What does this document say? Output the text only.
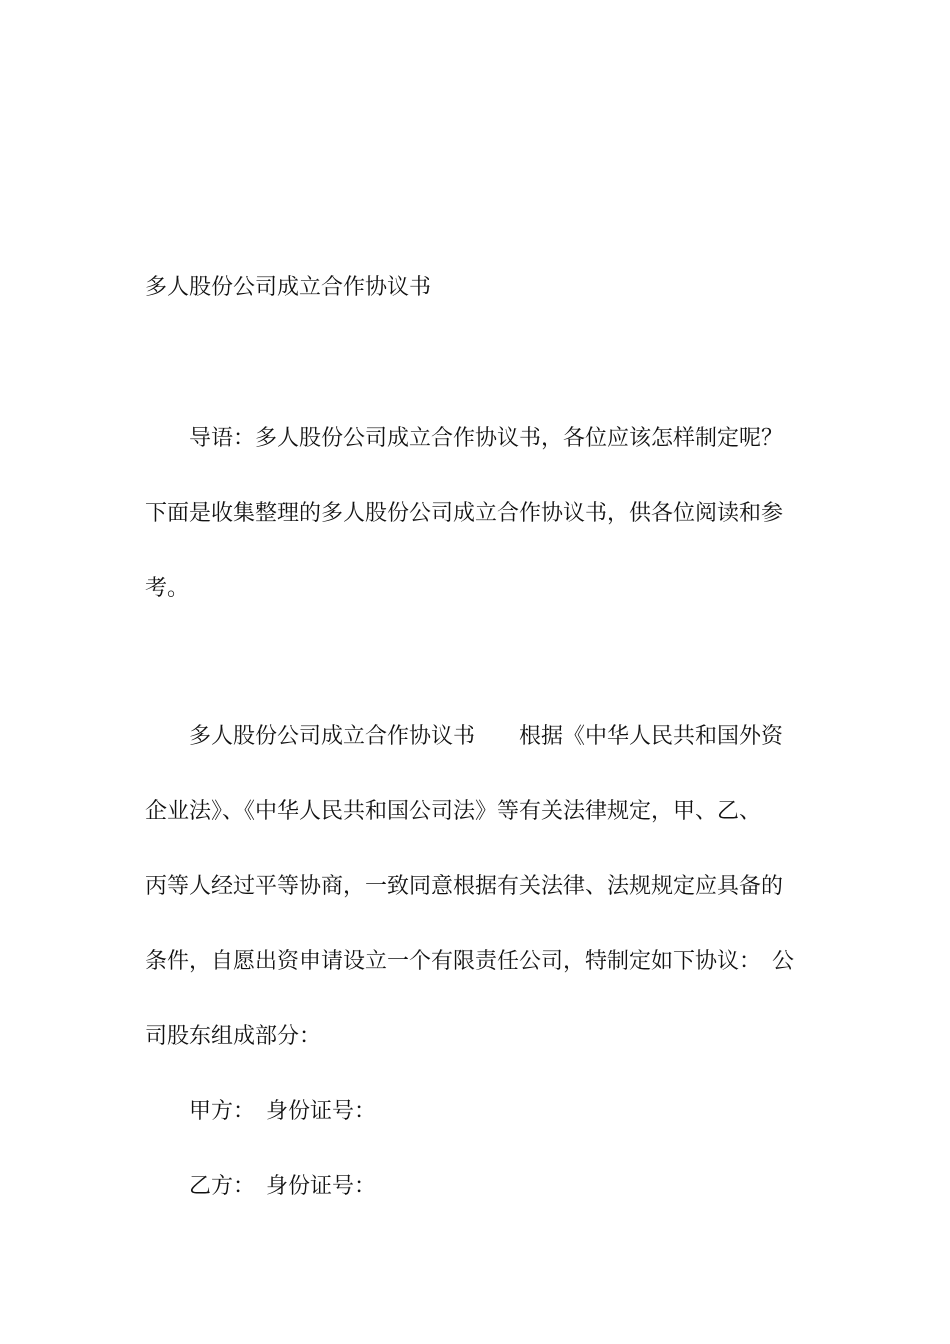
多人股份公司成立合作协议书

导语：多人股份公司成立合作协议书，各位应该怎样制定呢？

下面是收集整理的多人股份公司成立合作协议书，供各位阅读和参

考。

多人股份公司成立合作协议书　　根据《中华人民共和国外资

企业法》、《中华人民共和国公司法》等有关法律规定，甲、乙、

丙等人经过平等协商，一致同意根据有关法律、法规规定应具备的

条件，自愿出资申请设立一个有限责任公司，特制定如下协议：　公

司股东组成部分：

甲方：　身份证号：

乙方：　身份证号：
